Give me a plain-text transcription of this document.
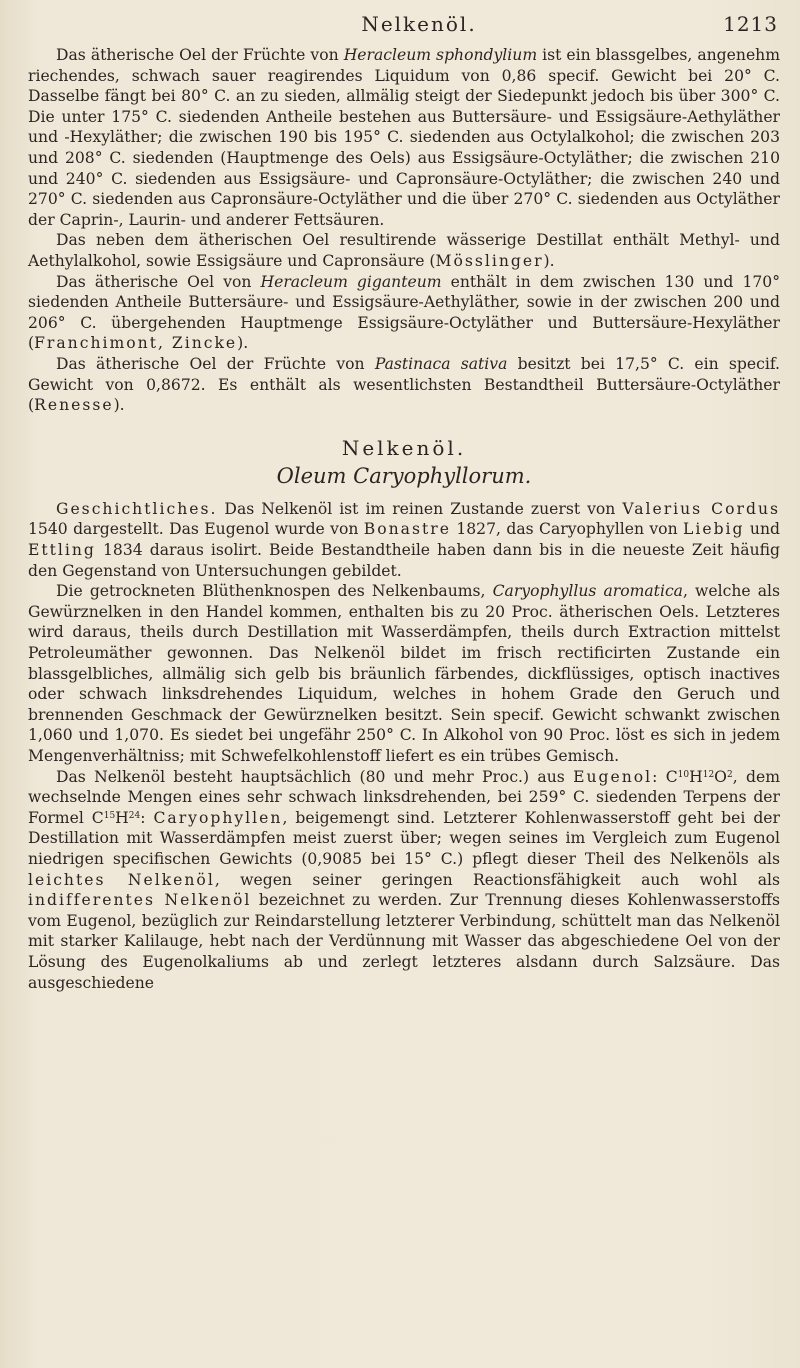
Nelkenöl.	1213

Das ätherische Oel der Früchte von Heracleum sphondylium ist ein blassgelbes, angenehm riechendes, schwach sauer reagirendes Liquidum von 0,86 specif. Gewicht bei 20° C. Dasselbe fängt bei 80° C. an zu sieden, allmälig steigt der Siedepunkt jedoch bis über 300° C. Die unter 175° C. siedenden Antheile bestehen aus Buttersäure- und Essigsäure-Aethyläther und -Hexyläther; die zwischen 190 bis 195° C. siedenden aus Octylalkohol; die zwischen 203 und 208° C. siedenden (Hauptmenge des Oels) aus Essigsäure-Octyläther; die zwischen 210 und 240° C. siedenden aus Essigsäure- und Capronsäure-Octyläther; die zwischen 240 und 270° C. siedenden aus Capronsäure-Octyläther und die über 270° C. siedenden aus Octyläther der Caprin-, Laurin- und anderer Fettsäuren.

Das neben dem ätherischen Oel resultirende wässerige Destillat enthält Methyl- und Aethylalkohol, sowie Essigsäure und Capronsäure (Mösslinger).

Das ätherische Oel von Heracleum giganteum enthält in dem zwischen 130 und 170° siedenden Antheile Buttersäure- und Essigsäure-Aethyläther, sowie in der zwischen 200 und 206° C. übergehenden Hauptmenge Essigsäure-Octyläther und Buttersäure-Hexyläther (Franchimont, Zincke).

Das ätherische Oel der Früchte von Pastinaca sativa besitzt bei 17,5° C. ein specif. Gewicht von 0,8672. Es enthält als wesentlichsten Bestandtheil Buttersäure-Octyläther (Renesse).

Nelkenöl.
Oleum Caryophyllorum.

Geschichtliches. Das Nelkenöl ist im reinen Zustande zuerst von Valerius Cordus 1540 dargestellt. Das Eugenol wurde von Bonastre 1827, das Caryophyllen von Liebig und Ettling 1834 daraus isolirt. Beide Bestandtheile haben dann bis in die neueste Zeit häufig den Gegenstand von Untersuchungen gebildet.

Die getrockneten Blüthenknospen des Nelkenbaums, Caryophyllus aromatica, welche als Gewürznelken in den Handel kommen, enthalten bis zu 20 Proc. ätherischen Oels. Letzteres wird daraus, theils durch Destillation mit Wasserdämpfen, theils durch Extraction mittelst Petroleumäther gewonnen. Das Nelkenöl bildet im frisch rectificirten Zustande ein blassgelbliches, allmälig sich gelb bis bräunlich färbendes, dickflüssiges, optisch inactives oder schwach linksdrehendes Liquidum, welches in hohem Grade den Geruch und brennenden Geschmack der Gewürznelken besitzt. Sein specif. Gewicht schwankt zwischen 1,060 und 1,070. Es siedet bei ungefähr 250° C. In Alkohol von 90 Proc. löst es sich in jedem Mengenverhältniss; mit Schwefelkohlenstoff liefert es ein trübes Gemisch.

Das Nelkenöl besteht hauptsächlich (80 und mehr Proc.) aus Eugenol: $C^{10}H^{12}O^2$, dem wechselnde Mengen eines sehr schwach linksdrehenden, bei 259° C. siedenden Terpens der Formel $C^{15}H^{24}$: Caryophyllen, beigemengt sind. Letzterer Kohlenwasserstoff geht bei der Destillation mit Wasserdämpfen meist zuerst über; wegen seines im Vergleich zum Eugenol niedrigen specifischen Gewichts (0,9085 bei 15° C.) pflegt dieser Theil des Nelkenöls als leichtes Nelkenöl, wegen seiner geringen Reactionsfähigkeit auch wohl als indifferentes Nelkenöl bezeichnet zu werden. Zur Trennung dieses Kohlenwasserstoffs vom Eugenol, bezüglich zur Reindarstellung letzterer Verbindung, schüttelt man das Nelkenöl mit starker Kalilauge, hebt nach der Verdünnung mit Wasser das abgeschiedene Oel von der Lösung des Eugenolkaliums ab und zerlegt letzteres alsdann durch Salzsäure. Das ausgeschiedene
